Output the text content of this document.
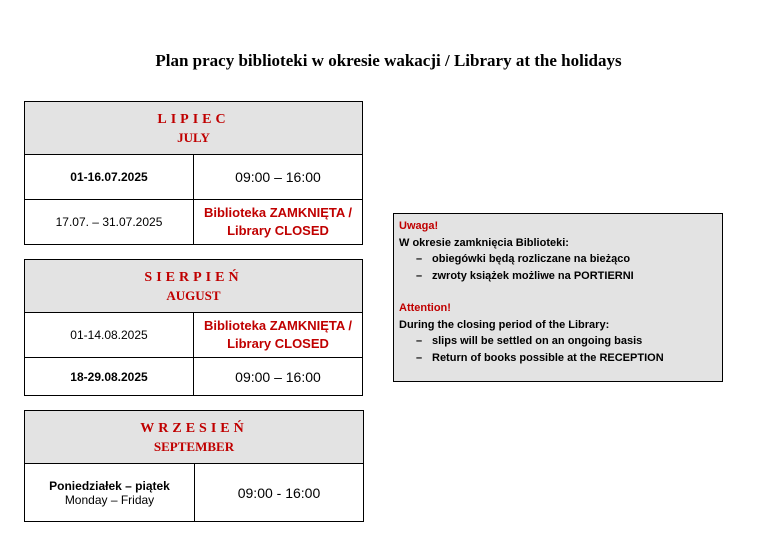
Plan pracy biblioteki w okresie wakacji / Library at the holidays
LIPIEC
JULY	

01-16.07.2025	09:00 – 16:00
17.07. – 31.07.2025	Biblioteka ZAMKNIĘTA / Library CLOSED
SIERPIEŃ
AUGUST	

01-14.08.2025	Biblioteka ZAMKNIĘTA / Library CLOSED
18-29.08.2025	09:00 – 16:00
WRZESIEŃ
SEPTEMBER

Poniedziałek – piątek
Monday – Friday	09:00 - 16:00
Uwaga!
W okresie zamknięcia Biblioteki:
– obiegówki będą rozliczane na bieżąco
– zwroty książek możliwe na PORTIERNI
Attention!
During the closing period of the Library:
– slips will be settled on an ongoing basis
– Return of books possible at the RECEPTION
